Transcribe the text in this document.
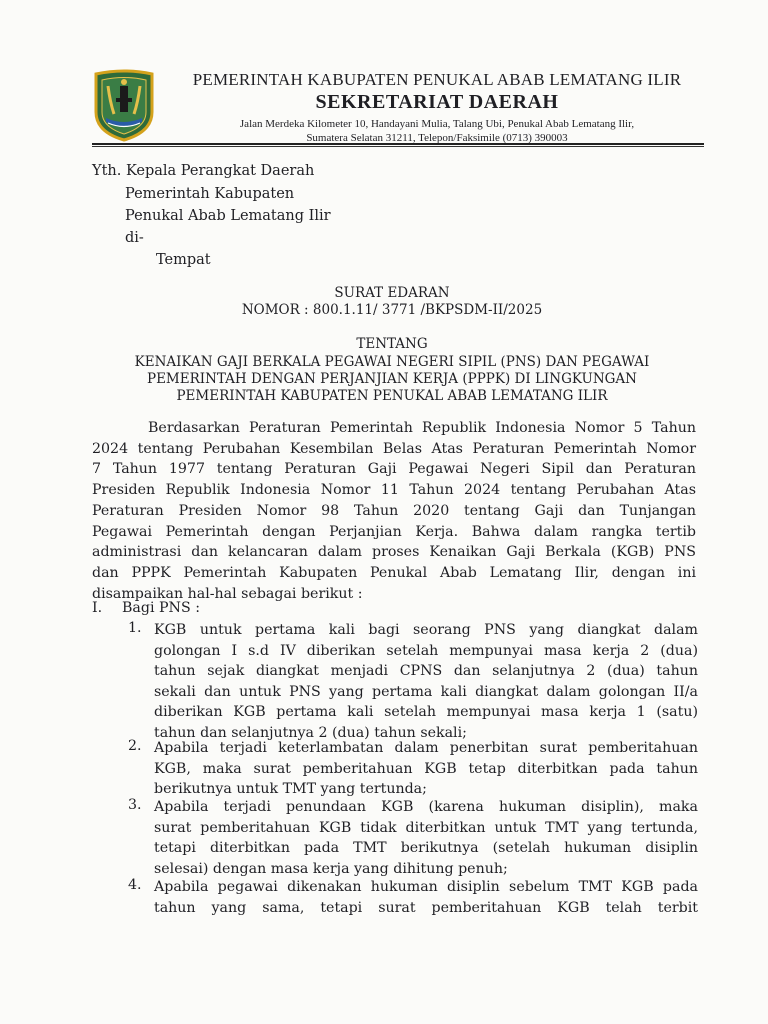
PEMERINTAH KABUPATEN PENUKAL ABAB LEMATANG ILIR
SEKRETARIAT DAERAH
Jalan Merdeka Kilometer 10, Handayani Mulia, Talang Ubi, Penukal Abab Lematang Ilir,
Sumatera Selatan 31211, Telepon/Faksimile (0713) 390003
Yth. Kepala Perangkat Daerah
Pemerintah Kabupaten
Penukal Abab Lematang Ilir
di-
Tempat
SURAT EDARAN
NOMOR : 800.1.11/ 3771 /BKPSDM-II/2025
TENTANG
KENAIKAN GAJI BERKALA PEGAWAI NEGERI SIPIL (PNS) DAN PEGAWAI
PEMERINTAH DENGAN PERJANJIAN KERJA (PPPK) DI LINGKUNGAN
PEMERINTAH KABUPATEN PENUKAL ABAB LEMATANG ILIR
Berdasarkan Peraturan Pemerintah Republik Indonesia Nomor 5 Tahun
2024 tentang Perubahan Kesembilan Belas Atas Peraturan Pemerintah Nomor
7 Tahun 1977 tentang Peraturan Gaji Pegawai Negeri Sipil dan Peraturan
Presiden Republik Indonesia Nomor 11 Tahun 2024 tentang Perubahan Atas
Peraturan Presiden Nomor 98 Tahun 2020 tentang Gaji dan Tunjangan
Pegawai Pemerintah dengan Perjanjian Kerja. Bahwa dalam rangka tertib
administrasi dan kelancaran dalam proses Kenaikan Gaji Berkala (KGB) PNS
dan PPPK Pemerintah Kabupaten Penukal Abab Lematang Ilir, dengan ini
disampaikan hal-hal sebagai berikut :
I. Bagi PNS :
1. KGB untuk pertama kali bagi seorang PNS yang diangkat dalam
golongan I s.d IV diberikan setelah mempunyai masa kerja 2 (dua)
tahun sejak diangkat menjadi CPNS dan selanjutnya 2 (dua) tahun
sekali dan untuk PNS yang pertama kali diangkat dalam golongan II/a
diberikan KGB pertama kali setelah mempunyai masa kerja 1 (satu)
tahun dan selanjutnya 2 (dua) tahun sekali;
2. Apabila terjadi keterlambatan dalam penerbitan surat pemberitahuan
KGB, maka surat pemberitahuan KGB tetap diterbitkan pada tahun
berikutnya untuk TMT yang tertunda;
3. Apabila terjadi penundaan KGB (karena hukuman disiplin), maka
surat pemberitahuan KGB tidak diterbitkan untuk TMT yang tertunda,
tetapi diterbitkan pada TMT berikutnya (setelah hukuman disiplin
selesai) dengan masa kerja yang dihitung penuh;
4. Apabila pegawai dikenakan hukuman disiplin sebelum TMT KGB pada
tahun yang sama, tetapi surat pemberitahuan KGB telah terbit
